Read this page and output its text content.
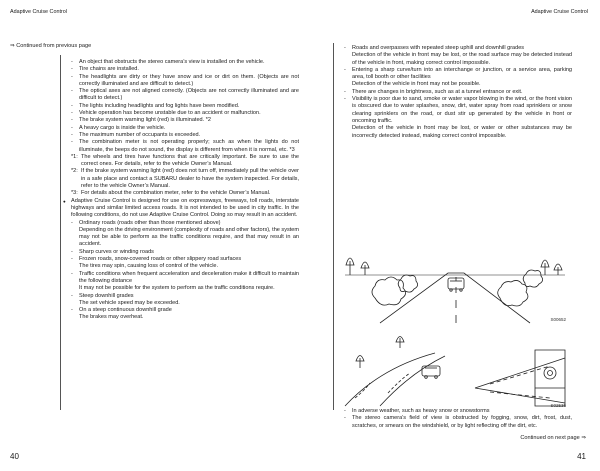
Adaptive Cruise Control	Adaptive Cruise Control
⇒ Continued from previous page
-	An object that obstructs the stereo camera’s view is installed on the vehicle.
-	Tire chains are installed.
-	The headlights are dirty or they have snow and ice or dirt on them. (Objects are not correctly illuminated and are difficult to detect.)
-	The optical axes are not aligned correctly. (Objects are not correctly illuminated and are difficult to detect.)
-	The lights including headlights and fog lights have been modified.
-	Vehicle operation has become unstable due to an accident or malfunction.
-	The brake system warning light (red) is illuminated. *2
-	A heavy cargo is inside the vehicle.
-	The maximum number of occupants is exceeded.
-	The combination meter is not operating properly; such as when the lights do not illuminate, the beeps do not sound, the display is different from when it is normal, etc. *3
*1: The wheels and tires have functions that are critically important. Be sure to use the correct ones. For details, refer to the vehicle Owner’s Manual.
*2: If the brake system warning light (red) does not turn off, immediately pull the vehicle over in a safe place and contact a SUBARU dealer to have the system inspected. For details, refer to the vehicle Owner’s Manual.
*3: For details about the combination meter, refer to the vehicle Owner’s Manual.
● Adaptive Cruise Control is designed for use on expressways, freeways, toll roads, interstate highways and similar limited access roads. It is not intended to be used in city traffic. In the following conditions, do not use Adaptive Cruise Control. Doing so may result in an accident.
-	Ordinary roads (roads other than those mentioned above)
Depending on the driving environment (complexity of roads and other factors), the system may not be able to perform as the traffic conditions require, and that may result in an accident.
-	Sharp curves or winding roads
-	Frozen roads, snow-covered roads or other slippery road surfaces
The tires may spin, causing loss of control of the vehicle.
-	Traffic conditions when frequent acceleration and deceleration make it difficult to maintain the following distance
It may not be possible for the system to perform as the traffic conditions require.
-	Steep downhill grades
The set vehicle speed may be exceeded.
-	On a steep continuous downhill grade
The brakes may overheat.
-	Roads and overpasses with repeated steep uphill and downhill grades
Detection of the vehicle in front may be lost, or the road surface may be detected instead of the vehicle in front, making correct control impossible.
-	Entering a sharp curve/turn into an interchange or junction, or a service area, parking area, toll booth or other facilities
Detection of the vehicle in front may not be possible.
-	There are changes in brightness, such as at a tunnel entrance or exit.
-	Visibility is poor due to sand, smoke or water vapor blowing in the wind, or the front vision is obscured due to water splashes, snow, dirt, water spray from road sprinklers or snow clearing sprinklers on the road, or dust stir up generated by the vehicle in front or oncoming traffic.
Detection of the vehicle in front may be lost, or water or other substances may be incorrectly detected instead, making correct control impossible.
S00652
S02536
-	In adverse weather, such as heavy snow or snowstorms
-	The stereo camera’s field of view is obstructed by fogging, snow, dirt, frost, dust, scratches, or smears on the windshield, or by light reflecting off the dirt, etc.
Continued on next page ⇒
40	41
